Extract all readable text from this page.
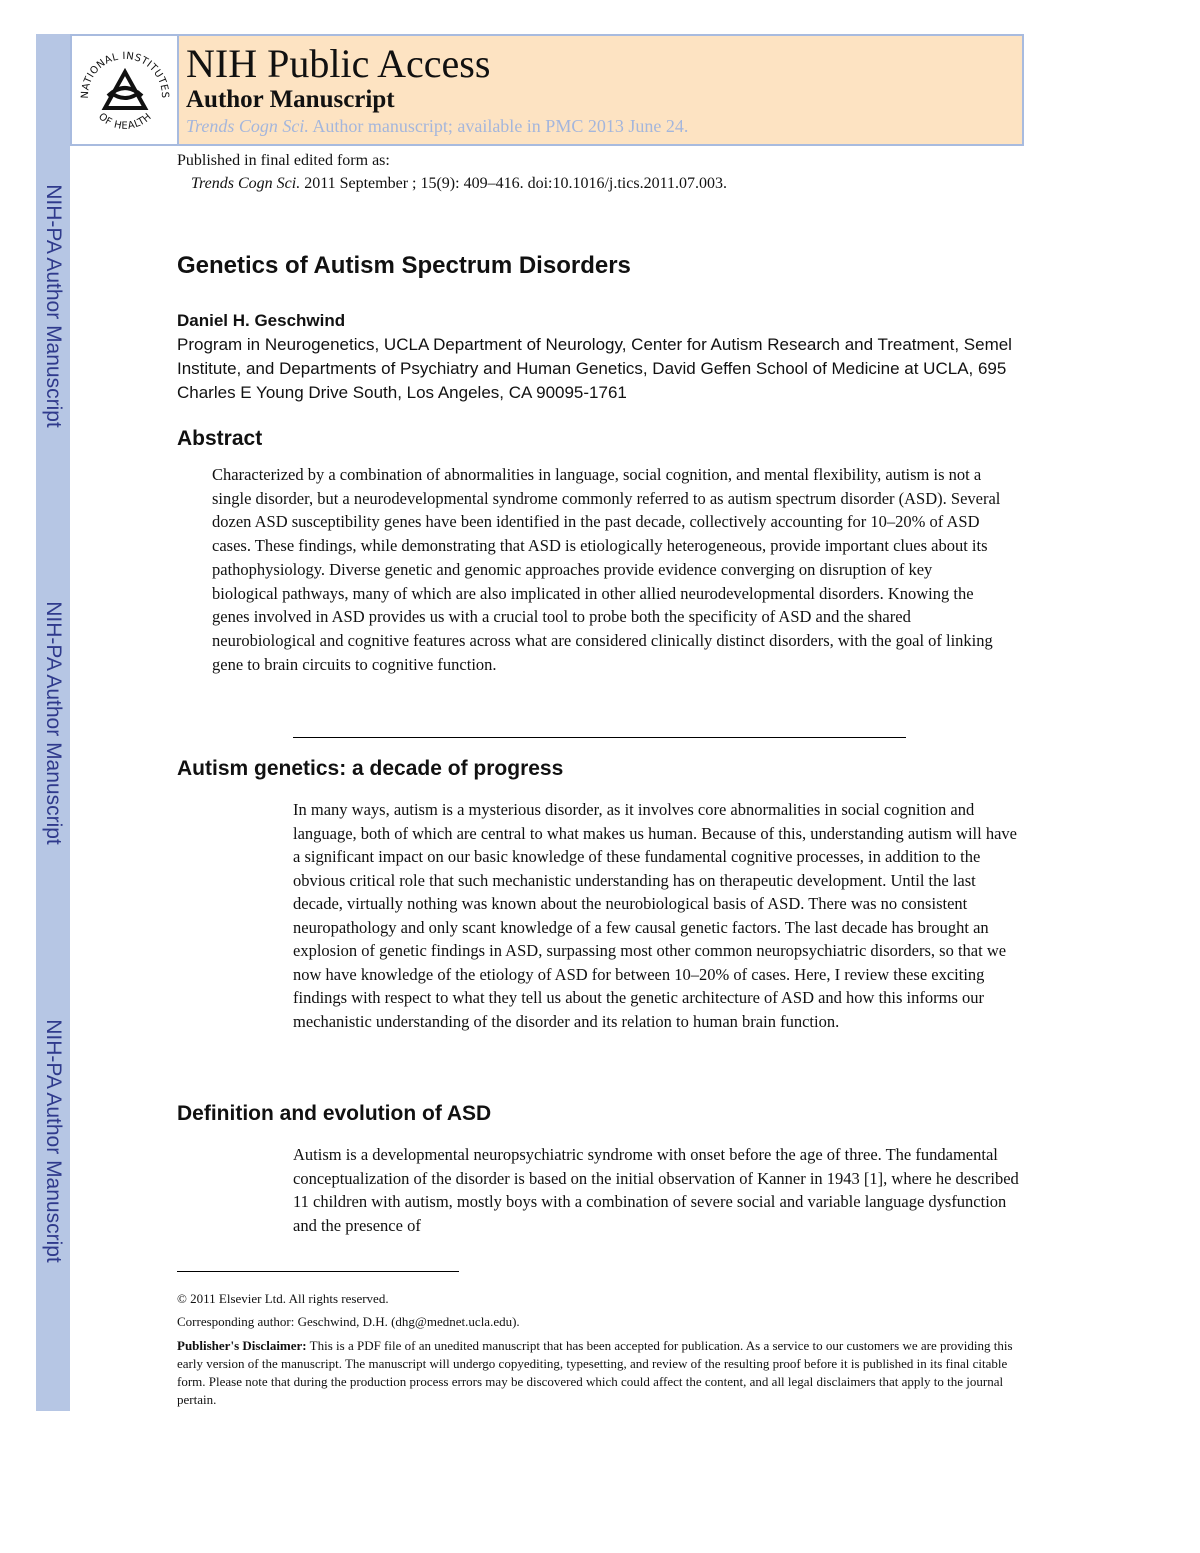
NIH-PA Author Manuscript
NIH-PA Author Manuscript
NIH-PA Author Manuscript
NATIONAL INSTITUTES
OF HEALTH
NIH Public Access
Author Manuscript
Trends Cogn Sci. Author manuscript; available in PMC 2013 June 24.
Published in final edited form as:
Trends Cogn Sci. 2011 September ; 15(9): 409–416. doi:10.1016/j.tics.2011.07.003.
Genetics of Autism Spectrum Disorders
Daniel H. Geschwind
Program in Neurogenetics, UCLA Department of Neurology, Center for Autism Research and Treatment, Semel Institute, and Departments of Psychiatry and Human Genetics, David Geffen School of Medicine at UCLA, 695 Charles E Young Drive South, Los Angeles, CA 90095-1761
Abstract

Characterized by a combination of abnormalities in language, social cognition, and mental flexibility, autism is not a single disorder, but a neurodevelopmental syndrome commonly referred to as autism spectrum disorder (ASD). Several dozen ASD susceptibility genes have been identified in the past decade, collectively accounting for 10–20% of ASD cases. These findings, while demonstrating that ASD is etiologically heterogeneous, provide important clues about its pathophysiology. Diverse genetic and genomic approaches provide evidence converging on disruption of key biological pathways, many of which are also implicated in other allied neurodevelopmental disorders. Knowing the genes involved in ASD provides us with a crucial tool to probe both the specificity of ASD and the shared neurobiological and cognitive features across what are considered clinically distinct disorders, with the goal of linking gene to brain circuits to cognitive function.

Autism genetics: a decade of progress

In many ways, autism is a mysterious disorder, as it involves core abnormalities in social cognition and language, both of which are central to what makes us human. Because of this, understanding autism will have a significant impact on our basic knowledge of these fundamental cognitive processes, in addition to the obvious critical role that such mechanistic understanding has on therapeutic development. Until the last decade, virtually nothing was known about the neurobiological basis of ASD. There was no consistent neuropathology and only scant knowledge of a few causal genetic factors. The last decade has brought an explosion of genetic findings in ASD, surpassing most other common neuropsychiatric disorders, so that we now have knowledge of the etiology of ASD for between 10–20% of cases. Here, I review these exciting findings with respect to what they tell us about the genetic architecture of ASD and how this informs our mechanistic understanding of the disorder and its relation to human brain function.

Definition and evolution of ASD

Autism is a developmental neuropsychiatric syndrome with onset before the age of three. The fundamental conceptualization of the disorder is based on the initial observation of Kanner in 1943 [1], where he described 11 children with autism, mostly boys with a combination of severe social and variable language dysfunction and the presence of

© 2011 Elsevier Ltd. All rights reserved.
Corresponding author: Geschwind, D.H. (dhg@mednet.ucla.edu).

Publisher's Disclaimer: This is a PDF file of an unedited manuscript that has been accepted for publication. As a service to our customers we are providing this early version of the manuscript. The manuscript will undergo copyediting, typesetting, and review of the resulting proof before it is published in its final citable form. Please note that during the production process errors may be discovered which could affect the content, and all legal disclaimers that apply to the journal pertain.
